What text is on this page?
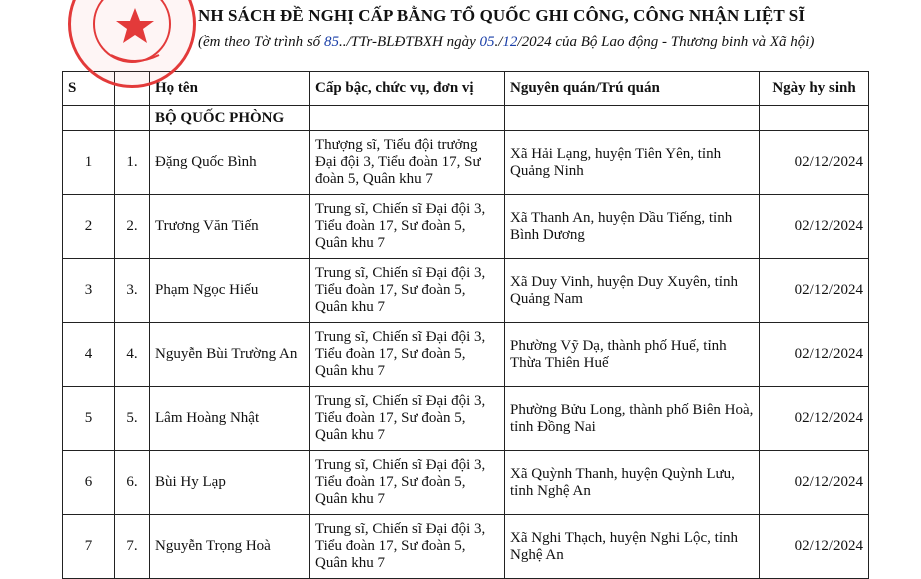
NH SÁCH ĐỀ NGHỊ CẤP BẰNG TỔ QUỐC GHI CÔNG, CÔNG NHẬN LIỆT SĨ
(ềm theo Tờ trình số 85../TTr-BLĐTBXH ngày 05./12/2024 của Bộ Lao động - Thương binh và Xã hội)
S		Họ tên	Cấp bậc, chức vụ, đơn vị	Nguyên quán/Trú quán	Ngày hy sinh
		BỘ QUỐC PHÒNG			
1	1.	Đặng Quốc Bình	Thượng sĩ, Tiểu đội trưởng Đại đội 3, Tiểu đoàn 17, Sư đoàn 5, Quân khu 7	Xã Hải Lạng, huyện Tiên Yên, tỉnh Quảng Ninh	02/12/2024
2	2.	Trương Văn Tiến	Trung sĩ, Chiến sĩ Đại đội 3, Tiểu đoàn 17, Sư đoàn 5, Quân khu 7	Xã Thanh An, huyện Dầu Tiếng, tỉnh Bình Dương	02/12/2024
3	3.	Phạm Ngọc Hiếu	Trung sĩ, Chiến sĩ Đại đội 3, Tiểu đoàn 17, Sư đoàn 5, Quân khu 7	Xã Duy Vinh, huyện Duy Xuyên, tỉnh Quảng Nam	02/12/2024
4	4.	Nguyễn Bùi Trường An	Trung sĩ, Chiến sĩ Đại đội 3, Tiểu đoàn 17, Sư đoàn 5, Quân khu 7	Phường Vỹ Dạ, thành phố Huế, tỉnh Thừa Thiên Huế	02/12/2024
5	5.	Lâm Hoàng Nhật	Trung sĩ, Chiến sĩ Đại đội 3, Tiểu đoàn 17, Sư đoàn 5, Quân khu 7	Phường Bửu Long, thành phố Biên Hoà, tỉnh Đồng Nai	02/12/2024
6	6.	Bùi Hy Lạp	Trung sĩ, Chiến sĩ Đại đội 3, Tiểu đoàn 17, Sư đoàn 5, Quân khu 7	Xã Quỳnh Thanh, huyện Quỳnh Lưu, tỉnh Nghệ An	02/12/2024
7	7.	Nguyễn Trọng Hoà	Trung sĩ, Chiến sĩ Đại đội 3, Tiểu đoàn 17, Sư đoàn 5, Quân khu 7	Xã Nghi Thạch, huyện Nghi Lộc, tỉnh Nghệ An	02/12/2024
